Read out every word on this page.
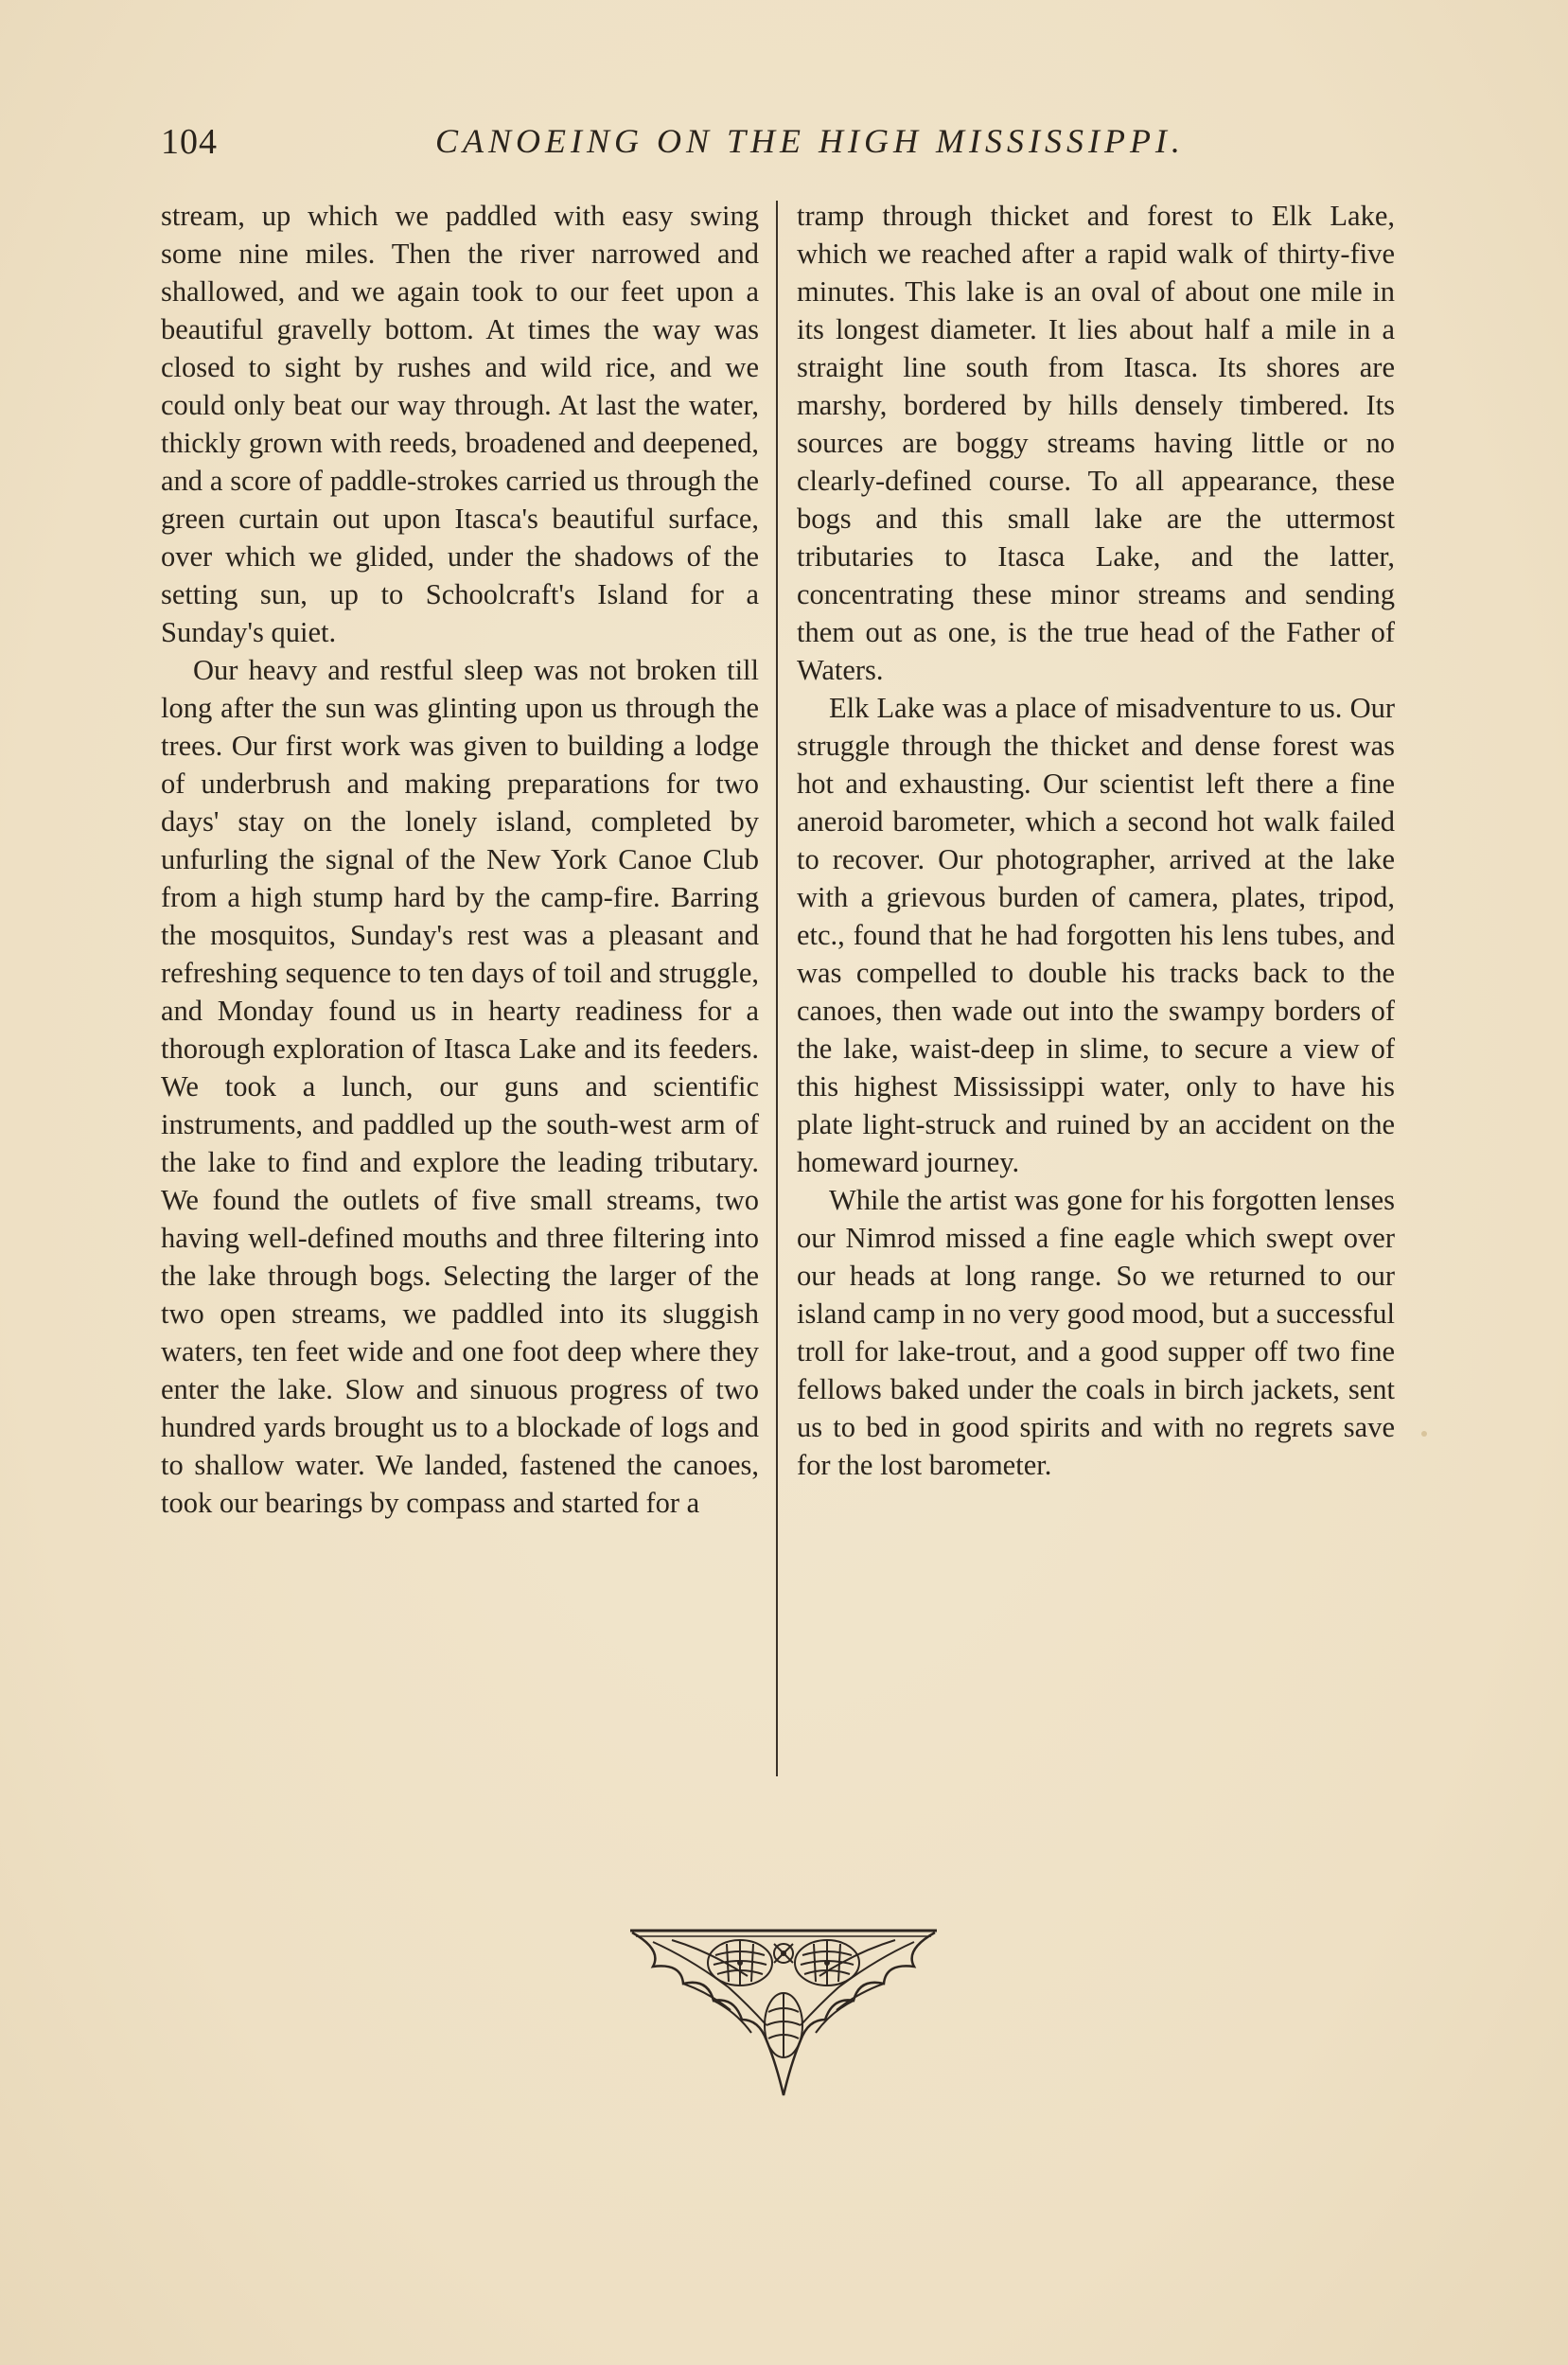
104	CANOEING ON THE HIGH MISSISSIPPI.

stream, up which we paddled with easy swing some nine miles. Then the river narrowed and shallowed, and we again took to our feet upon a beautiful gravelly bottom. At times the way was closed to sight by rushes and wild rice, and we could only beat our way through. At last the water, thickly grown with reeds, broadened and deepened, and a score of paddle-strokes carried us through the green curtain out upon Itasca's beautiful surface, over which we glided, under the shadows of the setting sun, up to Schoolcraft's Island for a Sunday's quiet.

Our heavy and restful sleep was not broken till long after the sun was glinting upon us through the trees. Our first work was given to building a lodge of underbrush and making preparations for two days' stay on the lonely island, completed by unfurling the signal of the New York Canoe Club from a high stump hard by the camp-fire. Barring the mosquitos, Sunday's rest was a pleasant and refreshing sequence to ten days of toil and struggle, and Monday found us in hearty readiness for a thorough exploration of Itasca Lake and its feeders. We took a lunch, our guns and scientific instruments, and paddled up the south-west arm of the lake to find and explore the leading tributary. We found the outlets of five small streams, two having well-defined mouths and three filtering into the lake through bogs. Selecting the larger of the two open streams, we paddled into its sluggish waters, ten feet wide and one foot deep where they enter the lake. Slow and sinuous progress of two hundred yards brought us to a blockade of logs and to shallow water. We landed, fastened the canoes, took our bearings by compass and started for a

tramp through thicket and forest to Elk Lake, which we reached after a rapid walk of thirty-five minutes. This lake is an oval of about one mile in its longest diameter. It lies about half a mile in a straight line south from Itasca. Its shores are marshy, bordered by hills densely timbered. Its sources are boggy streams having little or no clearly-defined course. To all appearance, these bogs and this small lake are the uttermost tributaries to Itasca Lake, and the latter, concentrating these minor streams and sending them out as one, is the true head of the Father of Waters.

Elk Lake was a place of misadventure to us. Our struggle through the thicket and dense forest was hot and exhausting. Our scientist left there a fine aneroid barometer, which a second hot walk failed to recover. Our photographer, arrived at the lake with a grievous burden of camera, plates, tripod, etc., found that he had forgotten his lens tubes, and was compelled to double his tracks back to the canoes, then wade out into the swampy borders of the lake, waist-deep in slime, to secure a view of this highest Mississippi water, only to have his plate light-struck and ruined by an accident on the homeward journey.

While the artist was gone for his forgotten lenses our Nimrod missed a fine eagle which swept over our heads at long range. So we returned to our island camp in no very good mood, but a successful troll for lake-trout, and a good supper off two fine fellows baked under the coals in birch jackets, sent us to bed in good spirits and with no regrets save for the lost barometer.
